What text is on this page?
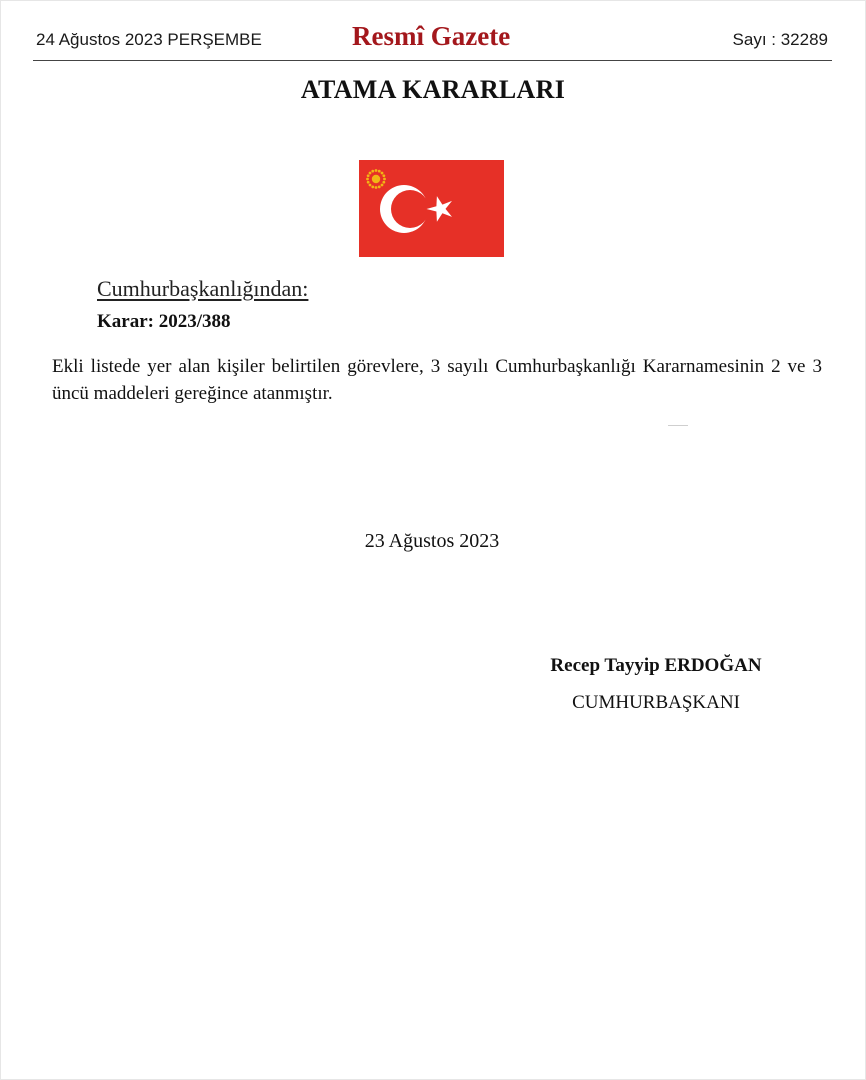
24 Ağustos 2023 PERŞEMBE	Resmî Gazete	Sayı : 32289
ATAMA KARARLARI
Cumhurbaşkanlığından:
Karar: 2023/388
Ekli listede yer alan kişiler belirtilen görevlere, 3 sayılı Cumhurbaşkanlığı Kararnamesinin 2 ve 3 üncü maddeleri gereğince atanmıştır.
23 Ağustos 2023
Recep Tayyip ERDOĞAN
CUMHURBAŞKANI
